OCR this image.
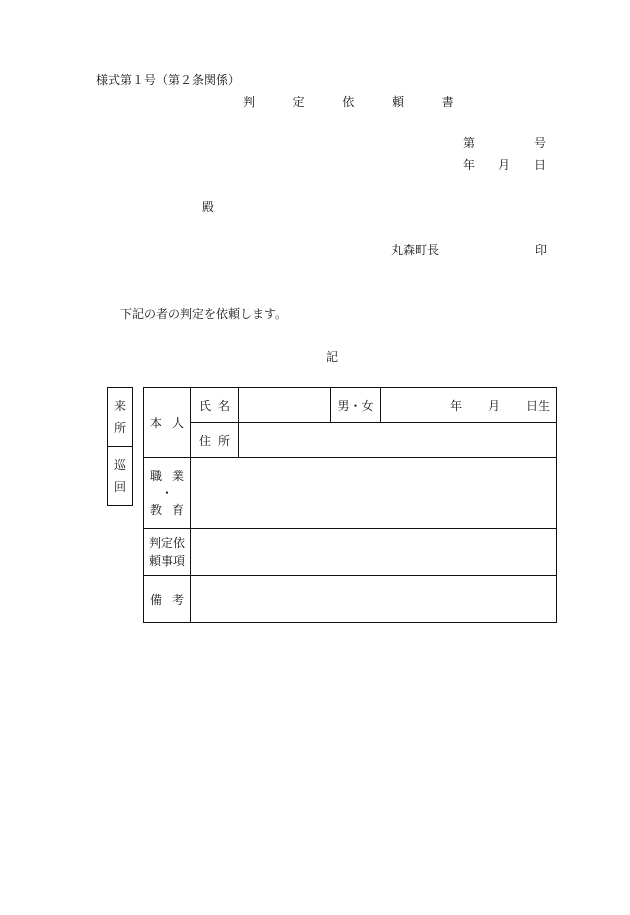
様式第１号（第２条関係）
判	定	依	頼	書
第	号
年 月 日
殿
丸森町長	印
下記の者の判定を依頼します。
記
来
所
巡
回
本 人	氏 名		男・女	年 月 日生

	住 所			

職 業
・
教 育				

判定依
頼事項				

備 考				
